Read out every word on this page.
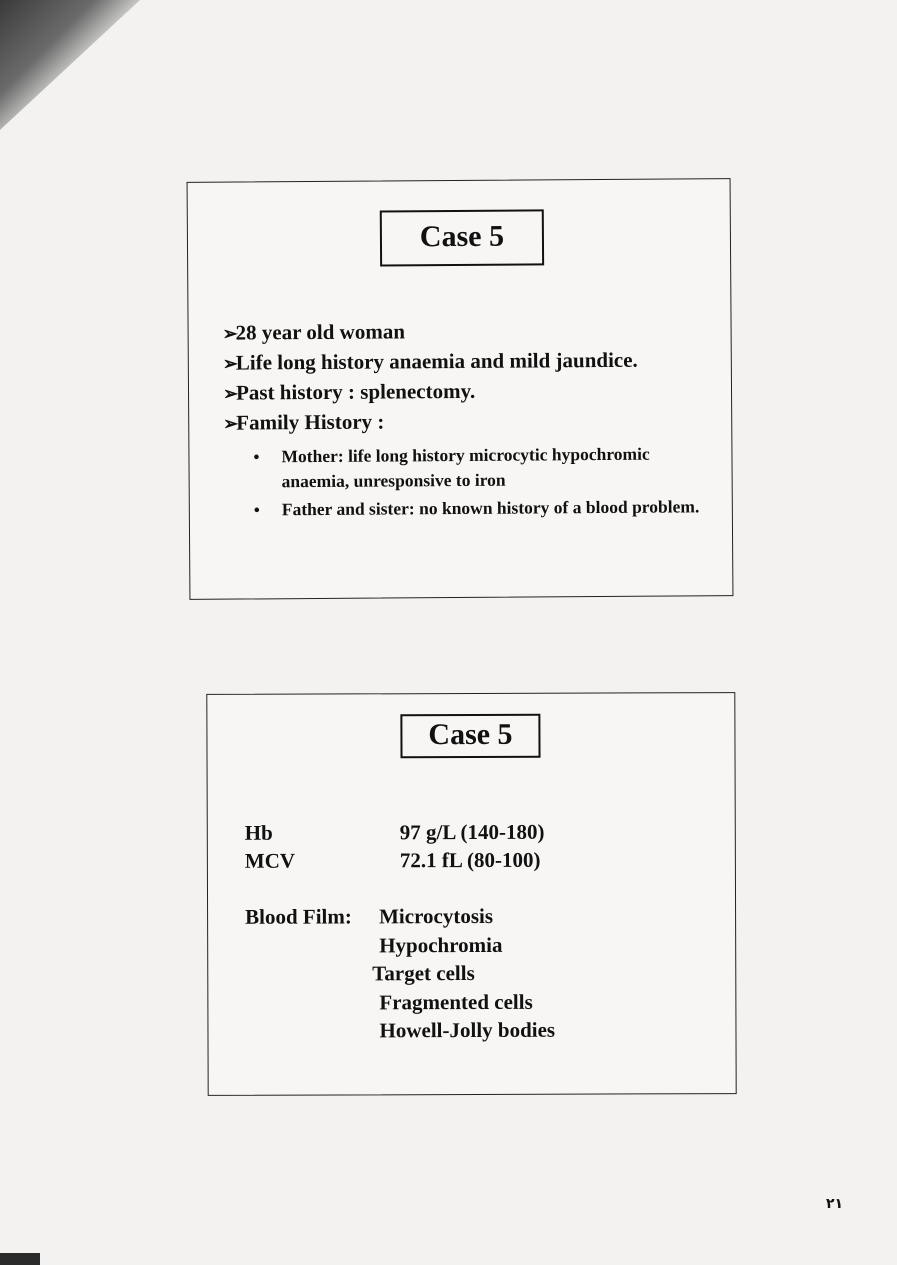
Case 5
➢28 year old woman
➢Life long history anaemia and mild jaundice.
➢Past history : splenectomy.
➢Family History :
• Mother: life long history microcytic hypochromic anaemia, unresponsive to iron
• Father and sister: no known history of a blood problem.
Case 5
Hb	97 g/L (140-180)
MCV	72.1 fL (80-100)
Blood Film: Microcytosis
Hypochromia
Target cells
Fragmented cells
Howell-Jolly bodies
٢١
